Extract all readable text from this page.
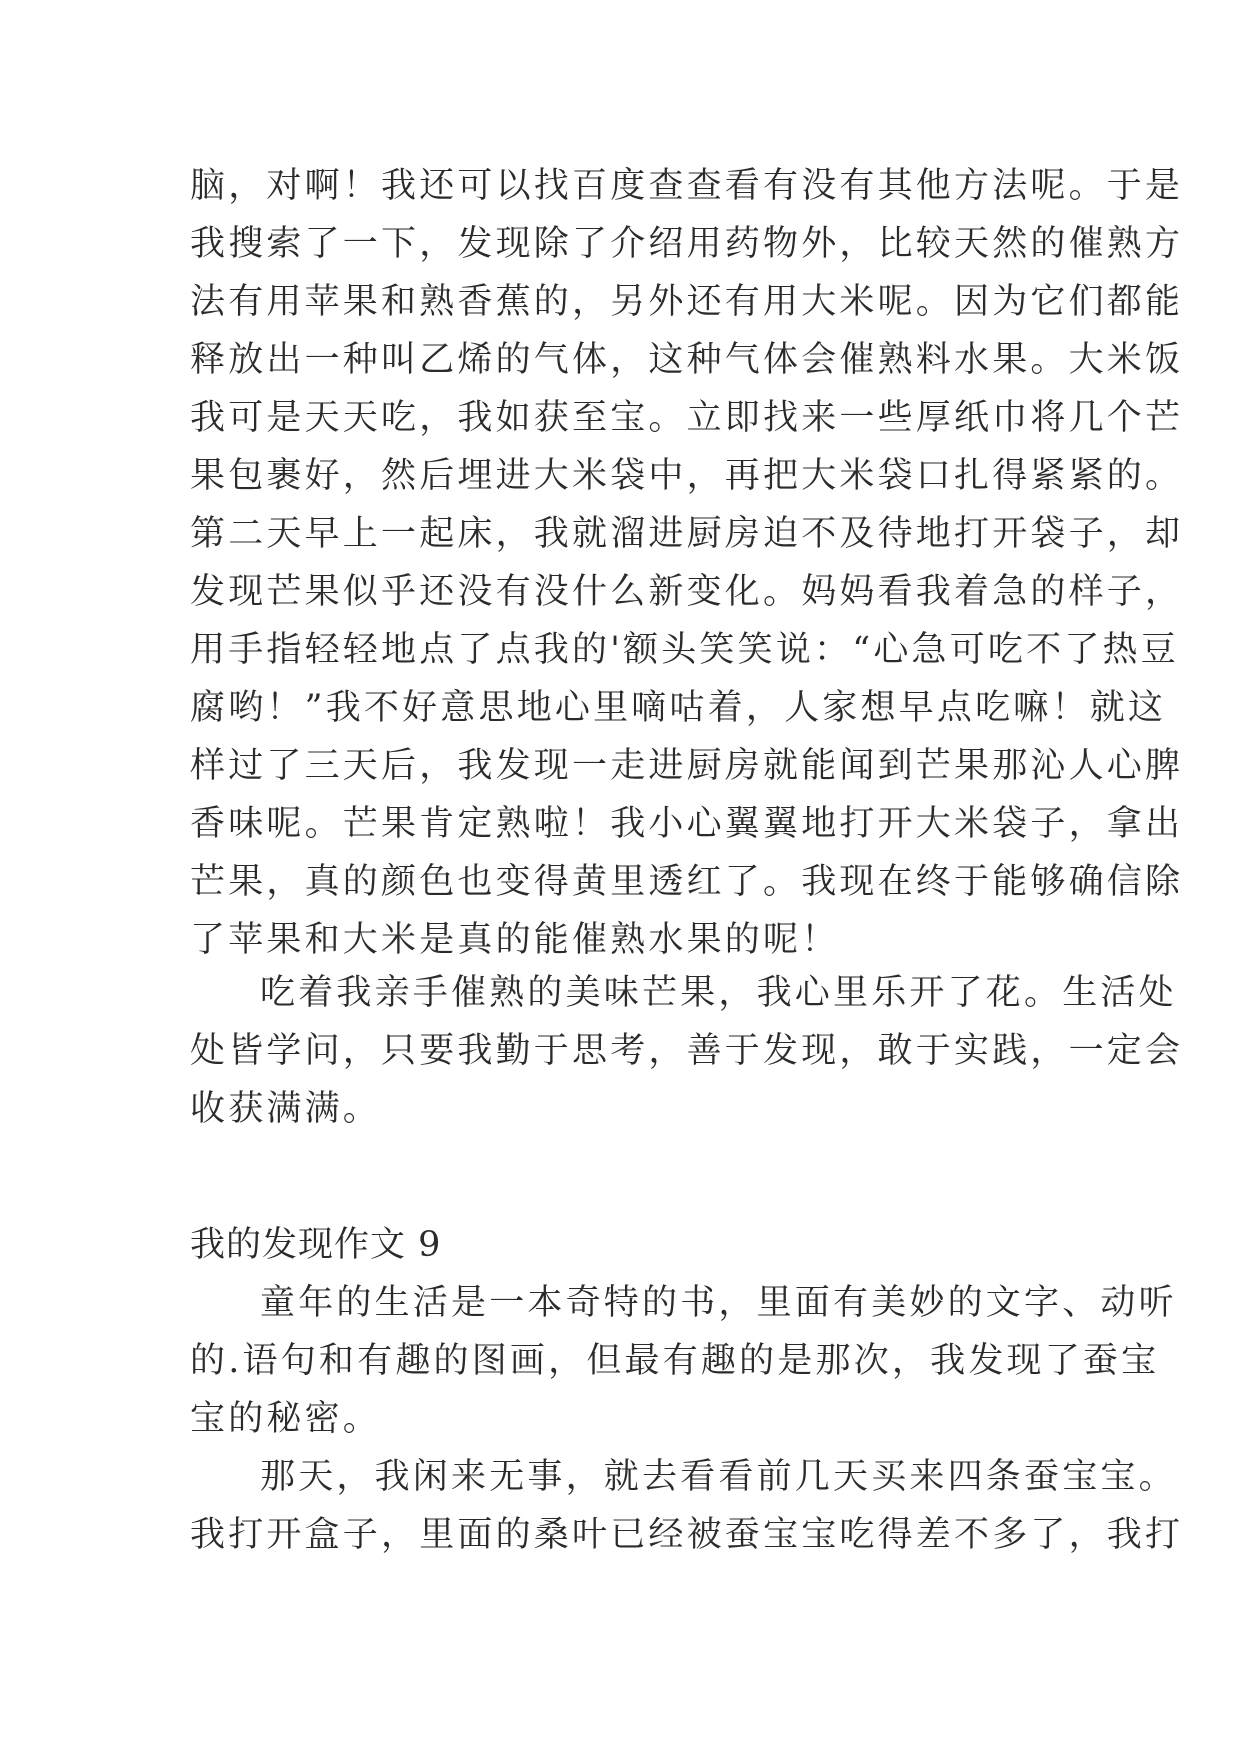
脑，对啊！我还可以找百度查查看有没有其他方法呢。于是
我搜索了一下，发现除了介绍用药物外，比较天然的催熟方
法有用苹果和熟香蕉的，另外还有用大米呢。因为它们都能
释放出一种叫乙烯的气体，这种气体会催熟料水果。大米饭
我可是天天吃，我如获至宝。立即找来一些厚纸巾将几个芒
果包裹好，然后埋进大米袋中，再把大米袋口扎得紧紧的。
第二天早上一起床，我就溜进厨房迫不及待地打开袋子，却
发现芒果似乎还没有没什么新变化。妈妈看我着急的样子，
用手指轻轻地点了点我的'额头笑笑说：“心急可吃不了热豆
腐哟！”我不好意思地心里嘀咕着，人家想早点吃嘛！就这
样过了三天后，我发现一走进厨房就能闻到芒果那沁人心脾
香味呢。芒果肯定熟啦！我小心翼翼地打开大米袋子，拿出
芒果，真的颜色也变得黄里透红了。我现在终于能够确信除
了苹果和大米是真的能催熟水果的呢！
吃着我亲手催熟的美味芒果，我心里乐开了花。生活处
处皆学问，只要我勤于思考，善于发现，敢于实践，一定会
收获满满。
我的发现作文 9
童年的生活是一本奇特的书，里面有美妙的文字、动听
的.语句和有趣的图画，但最有趣的是那次，我发现了蚕宝
宝的秘密。
那天，我闲来无事，就去看看前几天买来四条蚕宝宝。
我打开盒子，里面的桑叶已经被蚕宝宝吃得差不多了，我打
